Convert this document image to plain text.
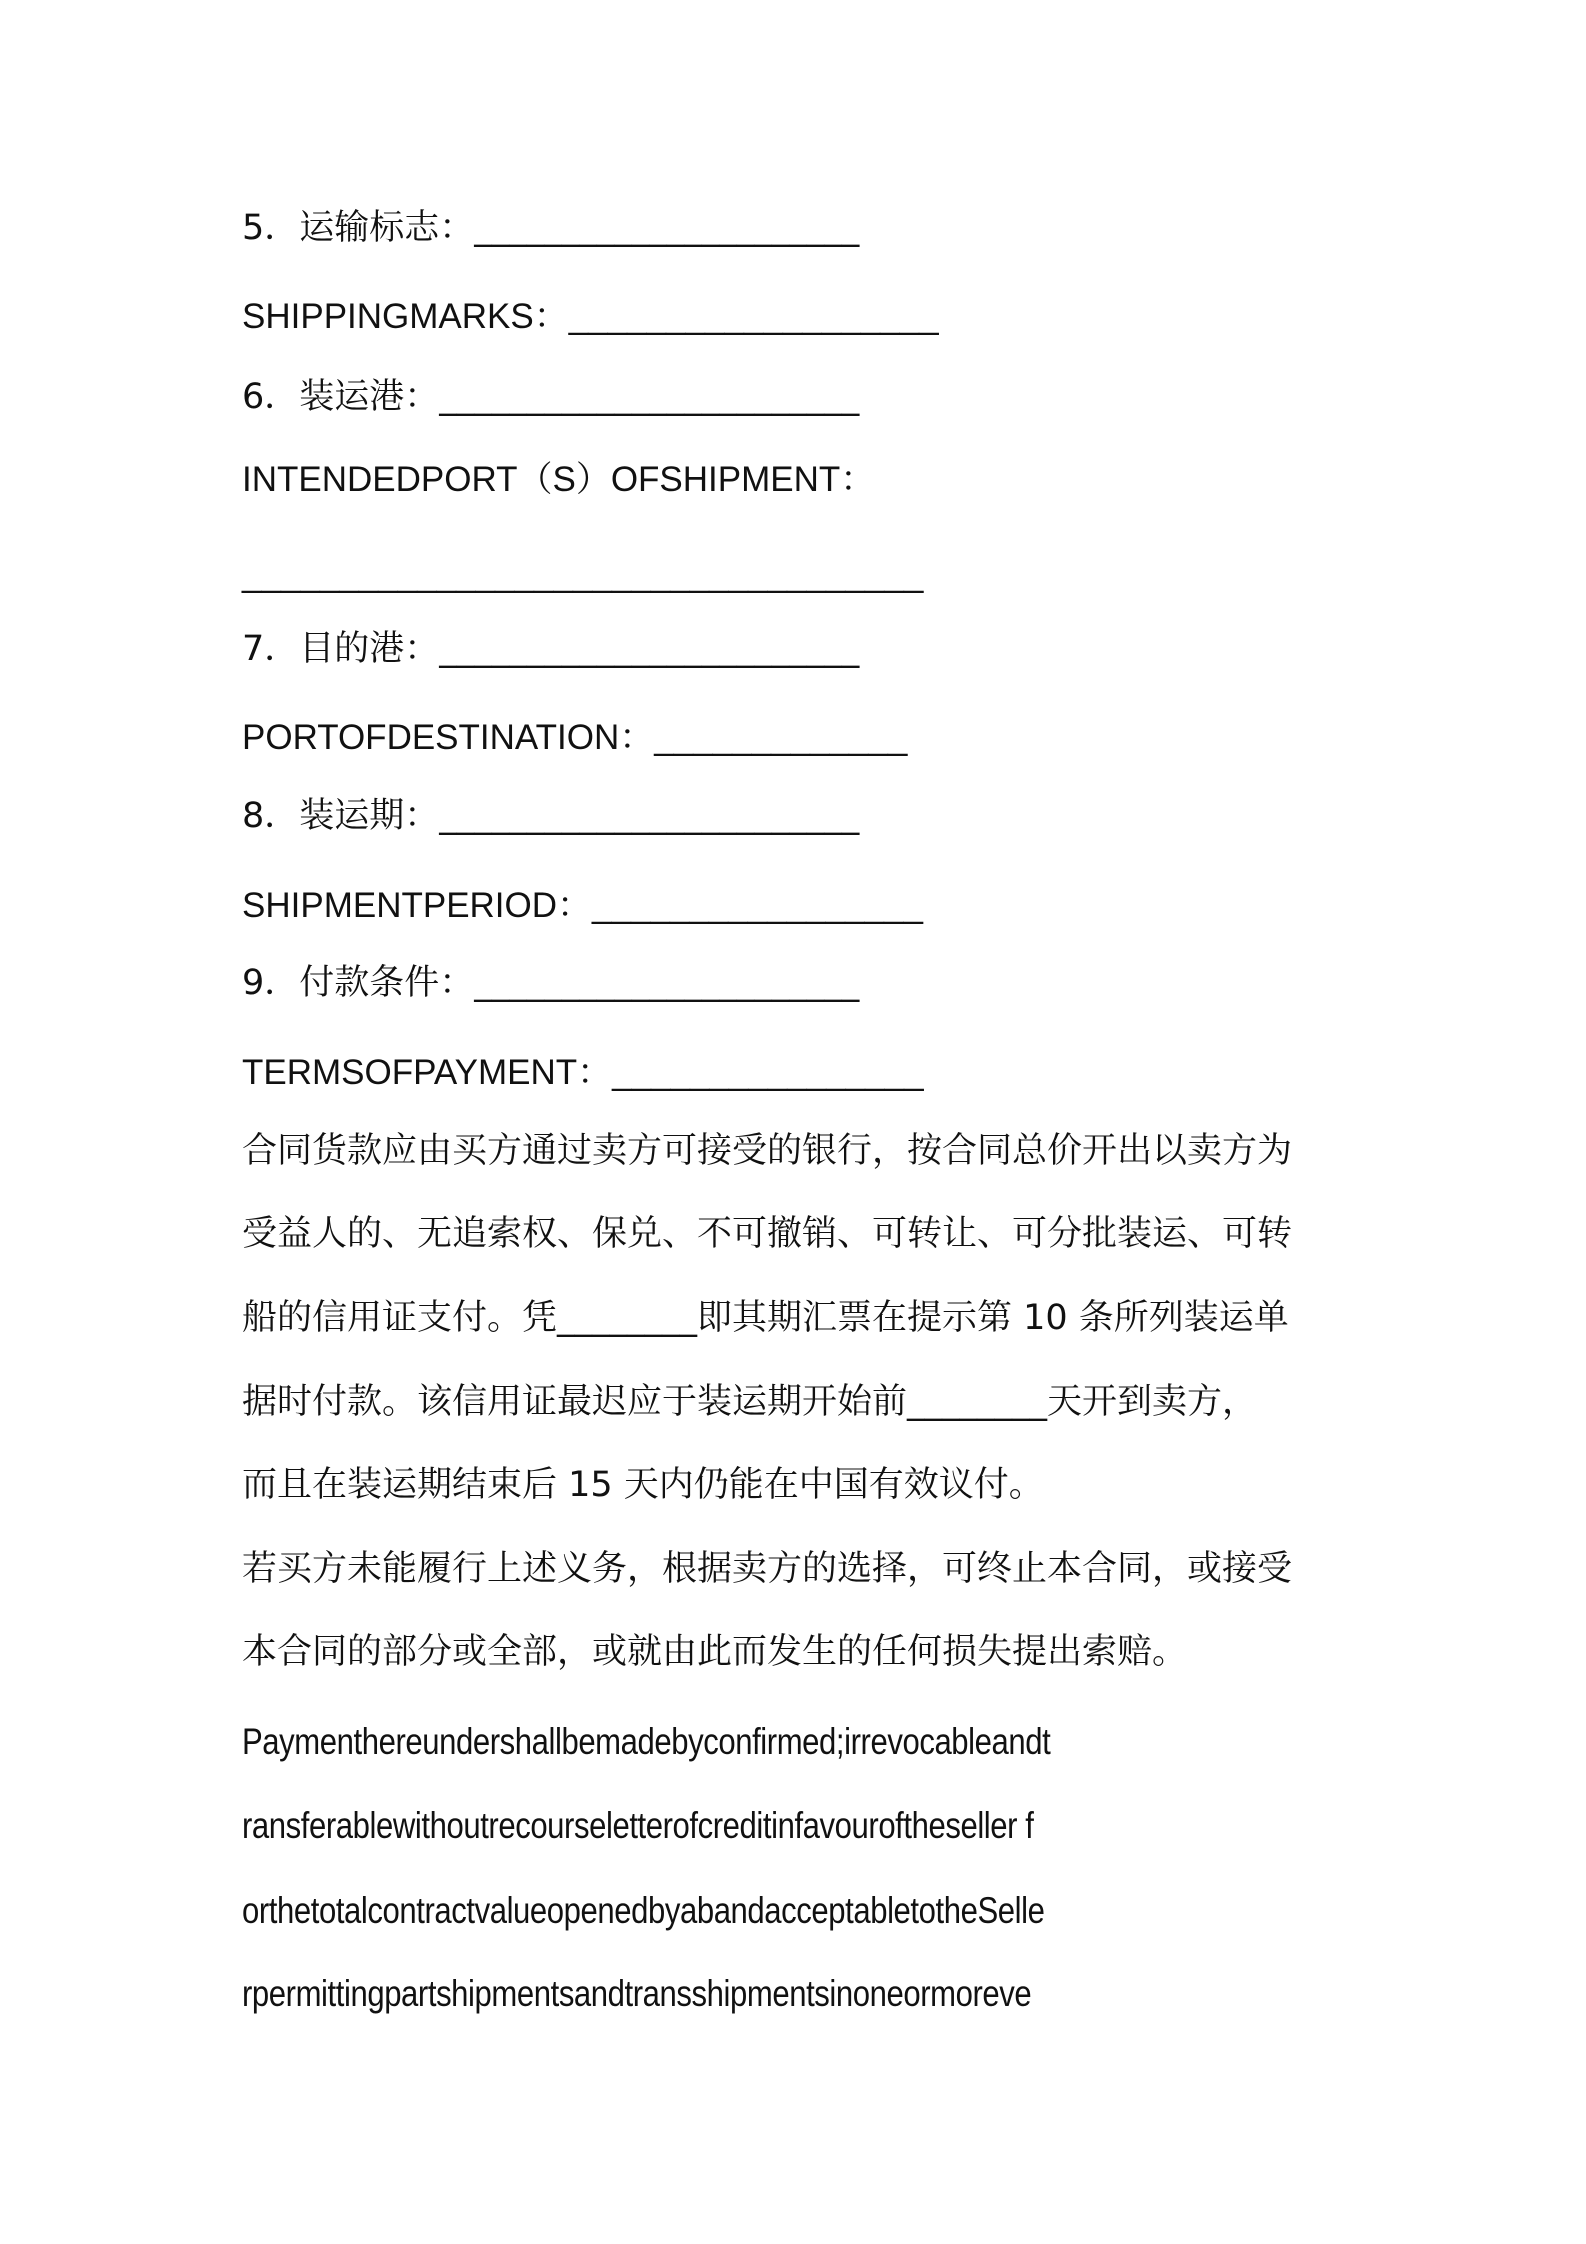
5．运输标志：______________________
SHIPPINGMARKS：___________________
6．装运港：________________________
INTENDEDPORT（S）OFSHIPMENT：
___________________________________
7．目的港：________________________
PORTOFDESTINATION：_____________
8．装运期：________________________
SHIPMENTPERIOD：_________________
9．付款条件：______________________
TERMSOFPAYMENT：________________
合同货款应由买方通过卖方可接受的银行，按合同总价开出以卖方为
受益人的、无追索权、保兑、不可撤销、可转让、可分批装运、可转
船的信用证支付。凭________即其期汇票在提示第 10 条所列装运单
据时付款。该信用证最迟应于装运期开始前________天开到卖方，
而且在装运期结束后 15 天内仍能在中国有效议付。
若买方未能履行上述义务，根据卖方的选择，可终止本合同，或接受
本合同的部分或全部，或就由此而发生的任何损失提出索赔。
Paymenthereundershallbemadebyconfirmed;irrevocableandt
ransferablewithoutrecourseletterofcreditinfavouroftheseller f
orthetotalcontractvalueopenedbyabandacceptabletotheSelle
rpermittingpartshipmentsandtransshipmentsinoneormoreve
